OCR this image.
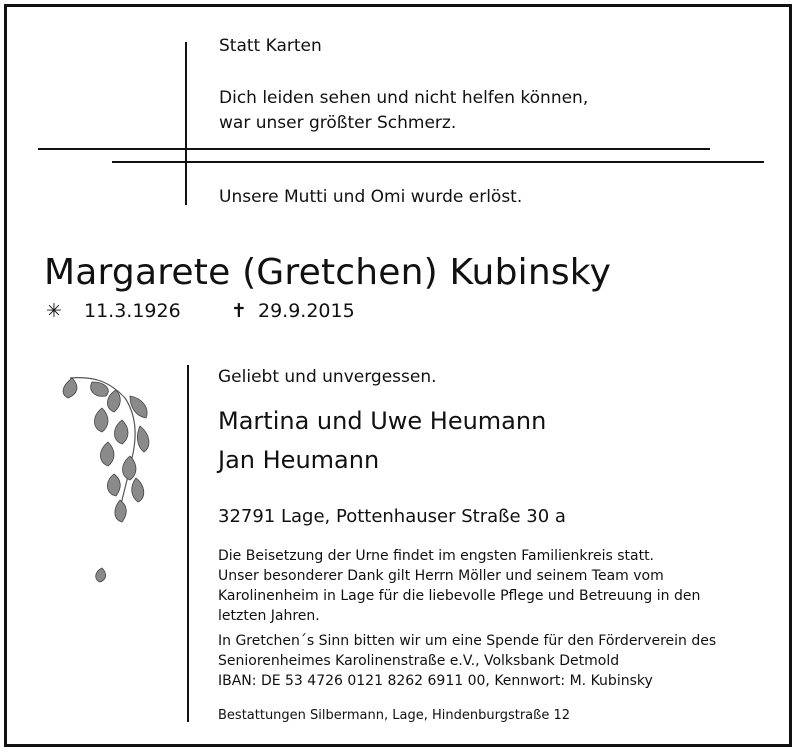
Statt Karten
Dich leiden sehen und nicht helfen können,
war unser größter Schmerz.
Unsere Mutti und Omi wurde erlöst.
Margarete (Gretchen) Kubinsky
✳ 11.3.1926	✝ 29.9.2015
Geliebt und unvergessen.
Martina und Uwe Heumann
Jan Heumann
32791 Lage, Pottenhauser Straße 30 a
Die Beisetzung der Urne findet im engsten Familienkreis statt.
Unser besonderer Dank gilt Herrn Möller und seinem Team vom
Karolinenheim in Lage für die liebevolle Pflege und Betreuung in den
letzten Jahren.
In Gretchen´s Sinn bitten wir um eine Spende für den Förderverein des
Seniorenheimes Karolinenstraße e.V., Volksbank Detmold
IBAN: DE 53 4726 0121 8262 6911 00, Kennwort: M. Kubinsky
Bestattungen Silbermann, Lage, Hindenburgstraße 12
